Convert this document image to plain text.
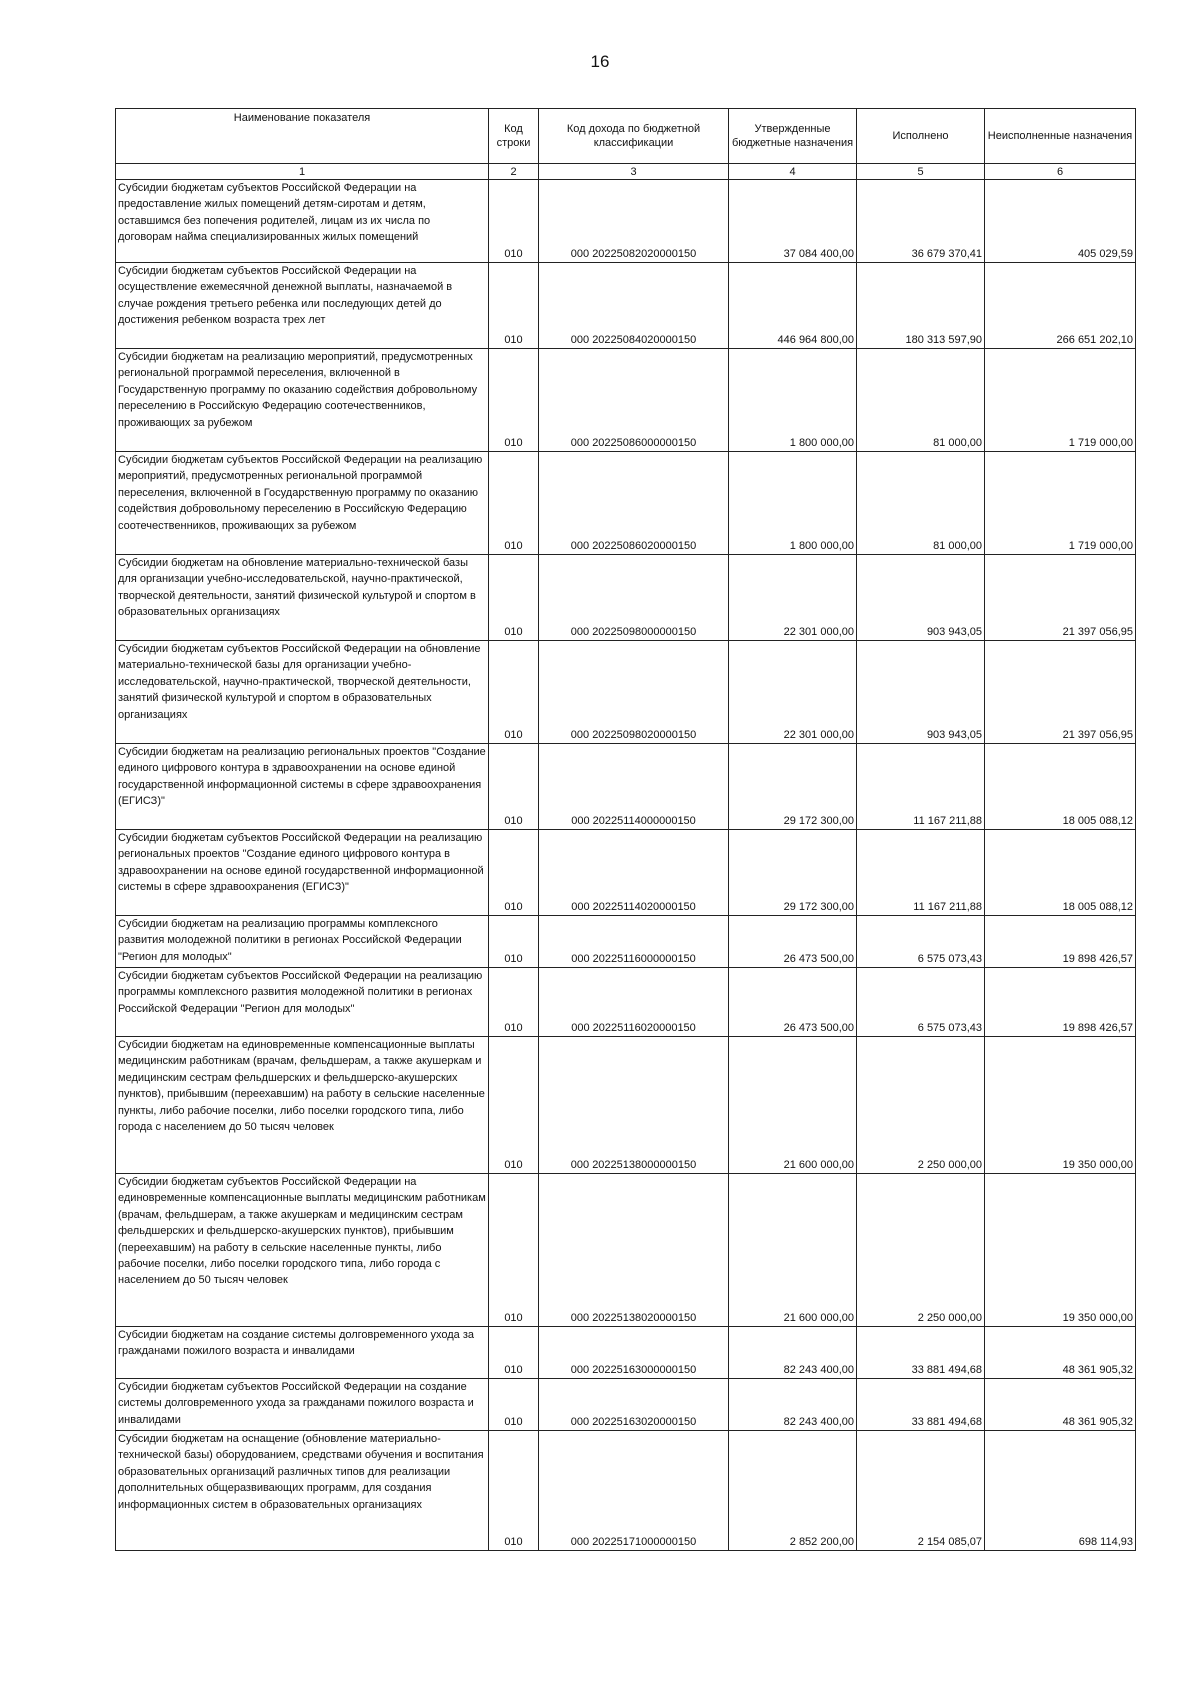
16
Наименование показателя	Код строки	Код дохода по бюджетной классификации	Утвержденные бюджетные назначения	Исполнено	Неисполненные назначения
1	2	3	4	5	6
Субсидии бюджетам субъектов Российской Федерации на предоставление жилых помещений детям-сиротам и детям, оставшимся без попечения родителей, лицам из их числа по договорам найма специализированных жилых помещений	010	000 20225082020000150	37 084 400,00	36 679 370,41	405 029,59
Субсидии бюджетам субъектов Российской Федерации на осуществление ежемесячной денежной выплаты, назначаемой в случае рождения третьего ребенка или последующих детей до достижения ребенком возраста трех лет	010	000 20225084020000150	446 964 800,00	180 313 597,90	266 651 202,10
Субсидии бюджетам на реализацию мероприятий, предусмотренных региональной программой переселения, включенной в Государственную программу по оказанию содействия добровольному переселению в Российскую Федерацию соотечественников, проживающих за рубежом	010	000 20225086000000150	1 800 000,00	81 000,00	1 719 000,00
Субсидии бюджетам субъектов Российской Федерации на реализацию мероприятий, предусмотренных региональной программой переселения, включенной в Государственную программу по оказанию содействия добровольному переселению в Российскую Федерацию соотечественников, проживающих за рубежом	010	000 20225086020000150	1 800 000,00	81 000,00	1 719 000,00
Субсидии бюджетам на обновление материально-технической базы для организации учебно-исследовательской, научно-практической, творческой деятельности, занятий физической культурой и спортом в образовательных организациях	010	000 20225098000000150	22 301 000,00	903 943,05	21 397 056,95
Субсидии бюджетам субъектов Российской Федерации на обновление материально-технической базы для организации учебно-исследовательской, научно-практической, творческой деятельности, занятий физической культурой и спортом в образовательных организациях	010	000 20225098020000150	22 301 000,00	903 943,05	21 397 056,95
Субсидии бюджетам на реализацию региональных проектов "Создание единого цифрового контура в здравоохранении на основе единой государственной информационной системы в сфере здравоохранения (ЕГИСЗ)"	010	000 20225114000000150	29 172 300,00	11 167 211,88	18 005 088,12
Субсидии бюджетам субъектов Российской Федерации на реализацию региональных проектов "Создание единого цифрового контура в здравоохранении на основе единой государственной информационной системы в сфере здравоохранения (ЕГИСЗ)"	010	000 20225114020000150	29 172 300,00	11 167 211,88	18 005 088,12
Субсидии бюджетам на реализацию программы комплексного развития молодежной политики в регионах Российской Федерации "Регион для молодых"	010	000 20225116000000150	26 473 500,00	6 575 073,43	19 898 426,57
Субсидии бюджетам субъектов Российской Федерации на реализацию программы комплексного развития молодежной политики в регионах Российской Федерации "Регион для молодых"	010	000 20225116020000150	26 473 500,00	6 575 073,43	19 898 426,57
Субсидии бюджетам на единовременные компенсационные выплаты медицинским работникам (врачам, фельдшерам, а также акушеркам и медицинским сестрам фельдшерских и фельдшерско-акушерских пунктов), прибывшим (переехавшим) на работу в сельские населенные пункты, либо рабочие поселки, либо поселки городского типа, либо города с населением до 50 тысяч человек	010	000 20225138000000150	21 600 000,00	2 250 000,00	19 350 000,00
Субсидии бюджетам субъектов Российской Федерации на единовременные компенсационные выплаты медицинским работникам (врачам, фельдшерам, а также акушеркам и медицинским сестрам фельдшерских и фельдшерско-акушерских пунктов), прибывшим (переехавшим) на работу в сельские населенные пункты, либо рабочие поселки, либо поселки городского типа, либо города с населением до 50 тысяч человек	010	000 20225138020000150	21 600 000,00	2 250 000,00	19 350 000,00
Субсидии бюджетам на создание системы долговременного ухода за гражданами пожилого возраста и инвалидами	010	000 20225163000000150	82 243 400,00	33 881 494,68	48 361 905,32
Субсидии бюджетам субъектов Российской Федерации на создание системы долговременного ухода за гражданами пожилого возраста и инвалидами	010	000 20225163020000150	82 243 400,00	33 881 494,68	48 361 905,32
Субсидии бюджетам на оснащение (обновление материально-технической базы) оборудованием, средствами обучения и воспитания образовательных организаций различных типов для реализации дополнительных общеразвивающих программ, для создания информационных систем в образовательных организациях	010	000 20225171000000150	2 852 200,00	2 154 085,07	698 114,93
